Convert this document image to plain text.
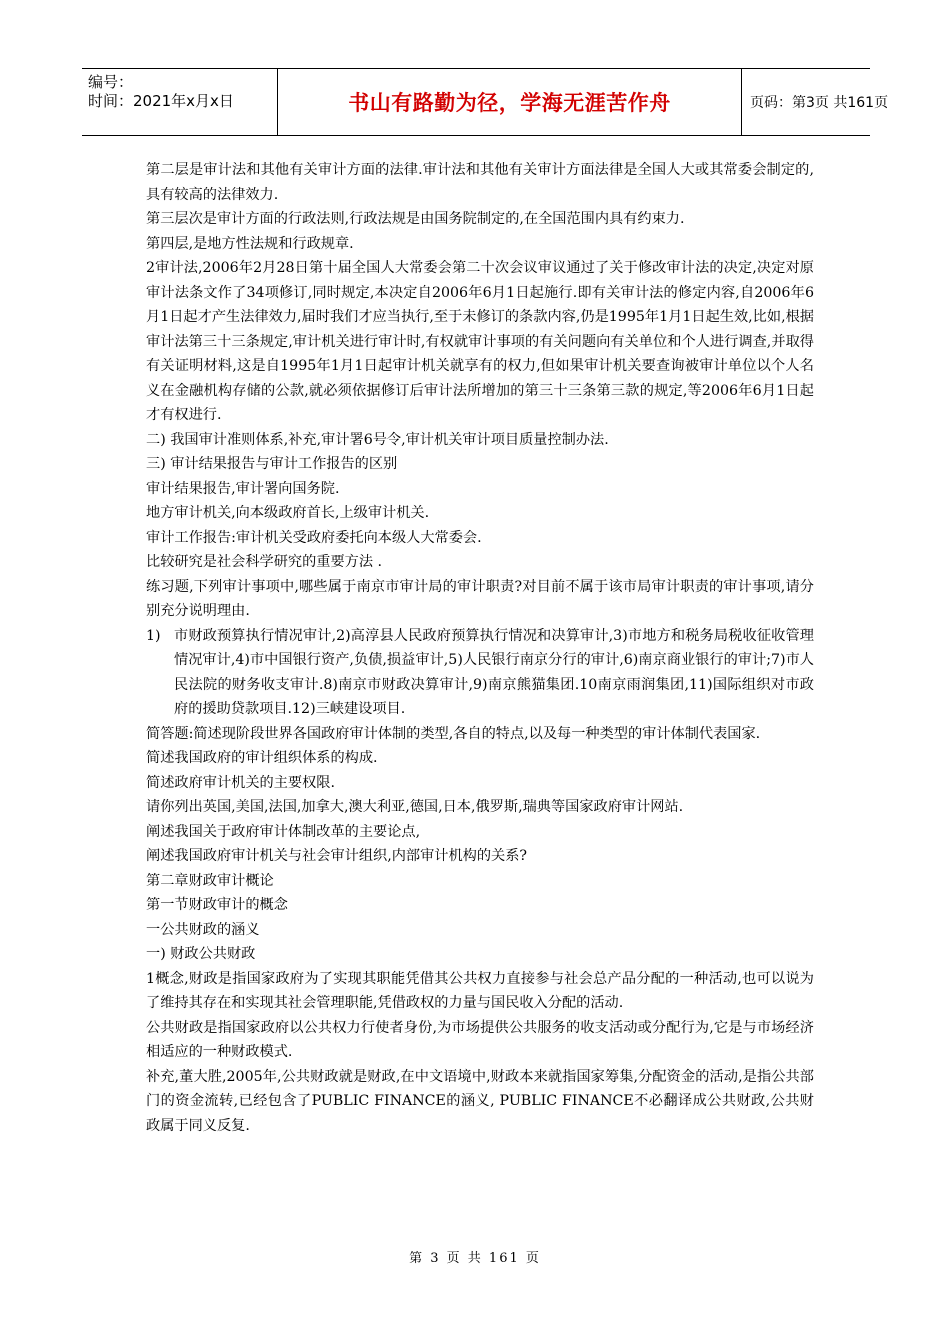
编号：
时间：2021年x月x日	书山有路勤为径，学海无涯苦作舟	页码：第3页 共161页

第二层是审计法和其他有关审计方面的法律.审计法和其他有关审计方面法律是全国人大或其常委会制定的,具有较高的法律效力.

第三层次是审计方面的行政法则,行政法规是由国务院制定的,在全国范围内具有约束力.

第四层,是地方性法规和行政规章.

2审计法,2006年2月28日第十届全国人大常委会第二十次会议审议通过了关于修改审计法的决定,决定对原审计法条文作了34项修订,同时规定,本决定自2006年6月1日起施行.即有关审计法的修定内容,自2006年6月1日起才产生法律效力,届时我们才应当执行,至于未修订的条款内容,仍是1995年1月1日起生效,比如,根据审计法第三十三条规定,审计机关进行审计时,有权就审计事项的有关问题向有关单位和个人进行调查,并取得有关证明材料,这是自1995年1月1日起审计机关就享有的权力,但如果审计机关要查询被审计单位以个人名义在金融机构存储的公款,就必须依据修订后审计法所增加的第三十三条第三款的规定,等2006年6月1日起才有权进行.

二) 我国审计准则体系,补充,审计署6号令,审计机关审计项目质量控制办法.

三) 审计结果报告与审计工作报告的区别

审计结果报告,审计署向国务院.

地方审计机关,向本级政府首长,上级审计机关.

审计工作报告:审计机关受政府委托向本级人大常委会.

比较研究是社会科学研究的重要方法 .

练习题,下列审计事项中,哪些属于南京市审计局的审计职责?对目前不属于该市局审计职责的审计事项,请分别充分说明理由.

1) 市财政预算执行情况审计,2)高淳县人民政府预算执行情况和决算审计,3)市地方和税务局税收征收管理情况审计,4)市中国银行资产,负债,损益审计,5)人民银行南京分行的审计,6)南京商业银行的审计;7)市人民法院的财务收支审计.8)南京市财政决算审计,9)南京熊猫集团.10南京雨润集团,11)国际组织对市政府的援助贷款项目.12)三峡建设项目.

简答题:简述现阶段世界各国政府审计体制的类型,各自的特点,以及每一种类型的审计体制代表国家.

简述我国政府的审计组织体系的构成.

简述政府审计机关的主要权限.

请你列出英国,美国,法国,加拿大,澳大利亚,德国,日本,俄罗斯,瑞典等国家政府审计网站.

阐述我国关于政府审计体制改革的主要论点,

阐述我国政府审计机关与社会审计组织,内部审计机构的关系?

第二章财政审计概论

第一节财政审计的概念

一公共财政的涵义

一) 财政公共财政

1概念,财政是指国家政府为了实现其职能凭借其公共权力直接参与社会总产品分配的一种活动,也可以说为了维持其存在和实现其社会管理职能,凭借政权的力量与国民收入分配的活动.

公共财政是指国家政府以公共权力行使者身份,为市场提供公共服务的收支活动或分配行为,它是与市场经济相适应的一种财政模式.

补充,董大胜,2005年,公共财政就是财政,在中文语境中,财政本来就指国家筹集,分配资金的活动,是指公共部门的资金流转,已经包含了PUBLIC FINANCE的涵义, PUBLIC FINANCE不必翻译成公共财政,公共财政属于同义反复.

第 3 页 共 161 页
